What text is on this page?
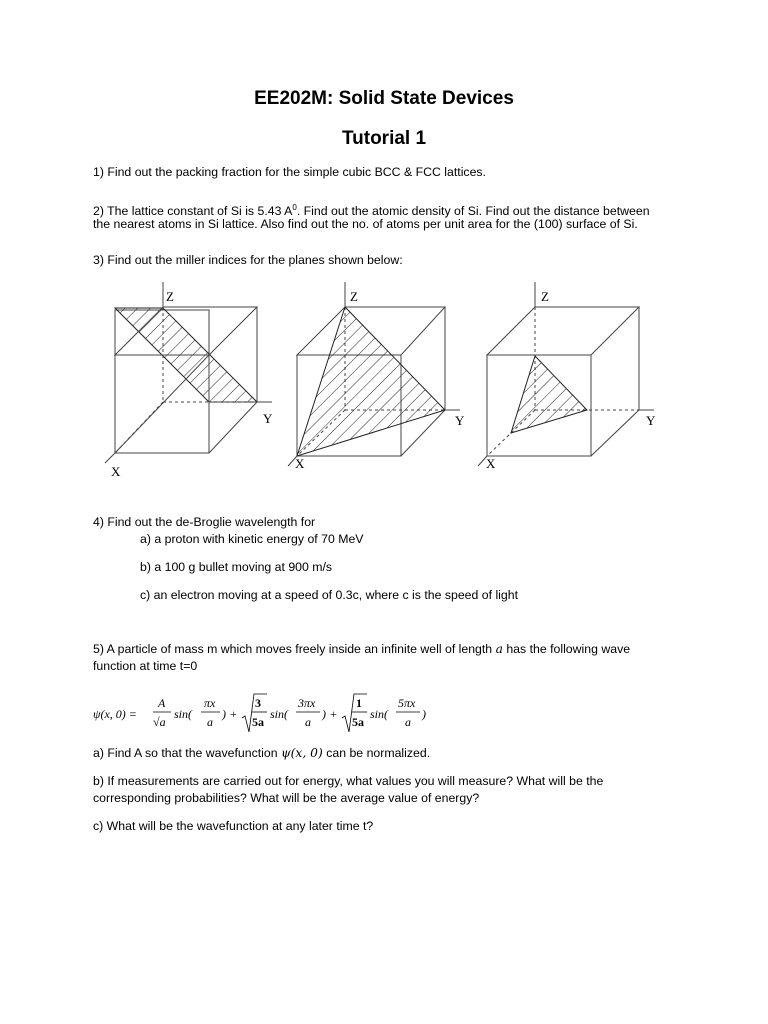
EE202M: Solid State Devices
Tutorial 1
1) Find out the packing fraction for the simple cubic BCC & FCC lattices.
2) The lattice constant of Si is 5.43 $A^0$. Find out the atomic density of Si. Find out the distance between
the nearest atoms in Si lattice. Also find out the no. of atoms per unit area for the (100) surface of Si.
3) Find out the miller indices for the planes shown below:
Z
Y
X
Z
Y
X
Z
Y
X
4) Find out the de-Broglie wavelength for
a) a proton with kinetic energy of 70 MeV
b) a 100 g bullet moving at 900 m/s
c) an electron moving at a speed of 0.3c, where c is the speed of light
5) A particle of mass m which moves freely inside an infinite well of length a has the following wave
function at time t=0
ψ(x, 0) =
A
√a
sin(
πx
a
) +
3
5a
sin(
3πx
a
) +
1
5a
sin(
5πx
a
)
a) Find A so that the wavefunction ψ(x, 0) can be normalized.
b) If measurements are carried out for energy, what values you will measure? What will be the
corresponding probabilities? What will be the average value of energy?
c) What will be the wavefunction at any later time t?
